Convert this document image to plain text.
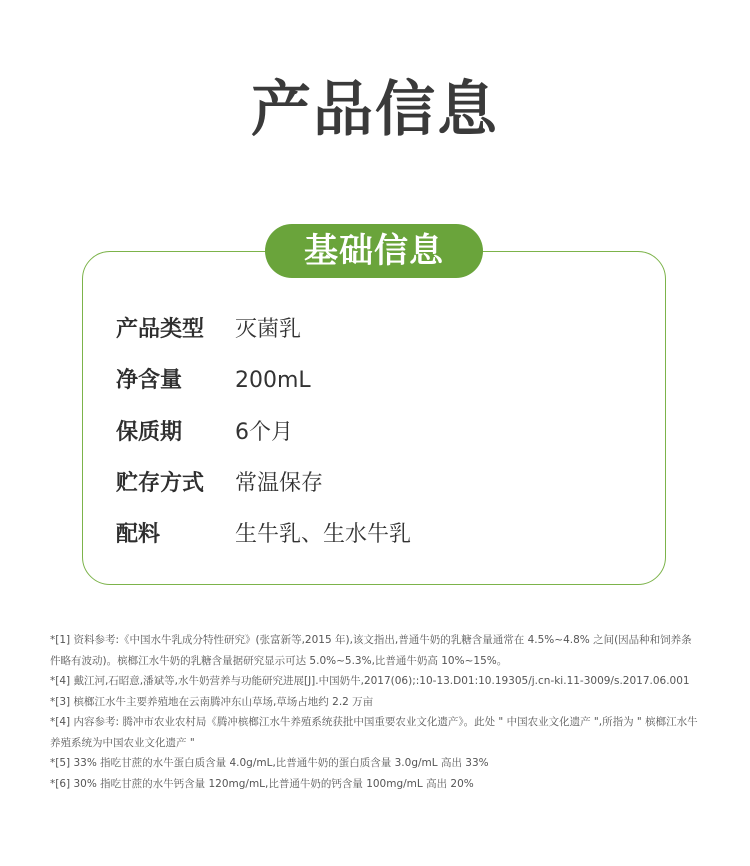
产品信息
基础信息
产品类型	灭菌乳
净含量	200mL
保质期	6个月
贮存方式	常温保存
配料	生牛乳、生水牛乳

*[1] 资料参考:《中国水牛乳成分特性研究》(张富新等,2015 年),该文指出,普通牛奶的乳糖含量通常在 4.5%~4.8% 之间(因品种和饲养条件略有波动)。槟榔江水牛奶的乳糖含量据研究显示可达 5.0%~5.3%,比普通牛奶高 10%~15%。

*[4] 戴江河,石昭意,潘斌等,水牛奶营养与功能研究进展[J].中国奶牛,2017(06);:10-13.D01:10.19305/j.cn-ki.11-3009/s.2017.06.001

*[3] 槟榔江水牛主要养殖地在云南腾冲东山草场,草场占地约 2.2 万亩

*[4] 内容参考: 腾冲市农业农村局《腾冲槟榔江水牛养殖系统获批中国重要农业文化遗产》。此处 " 中国农业文化遗产 ",所指为 " 槟榔江水牛养殖系统为中国农业文化遗产 "

*[5] 33% 指吃甘蔗的水牛蛋白质含量 4.0g/mL,比普通牛奶的蛋白质含量 3.0g/mL 高出 33%

*[6] 30% 指吃甘蔗的水牛钙含量 120mg/mL,比普通牛奶的钙含量 100mg/mL 高出 20%
